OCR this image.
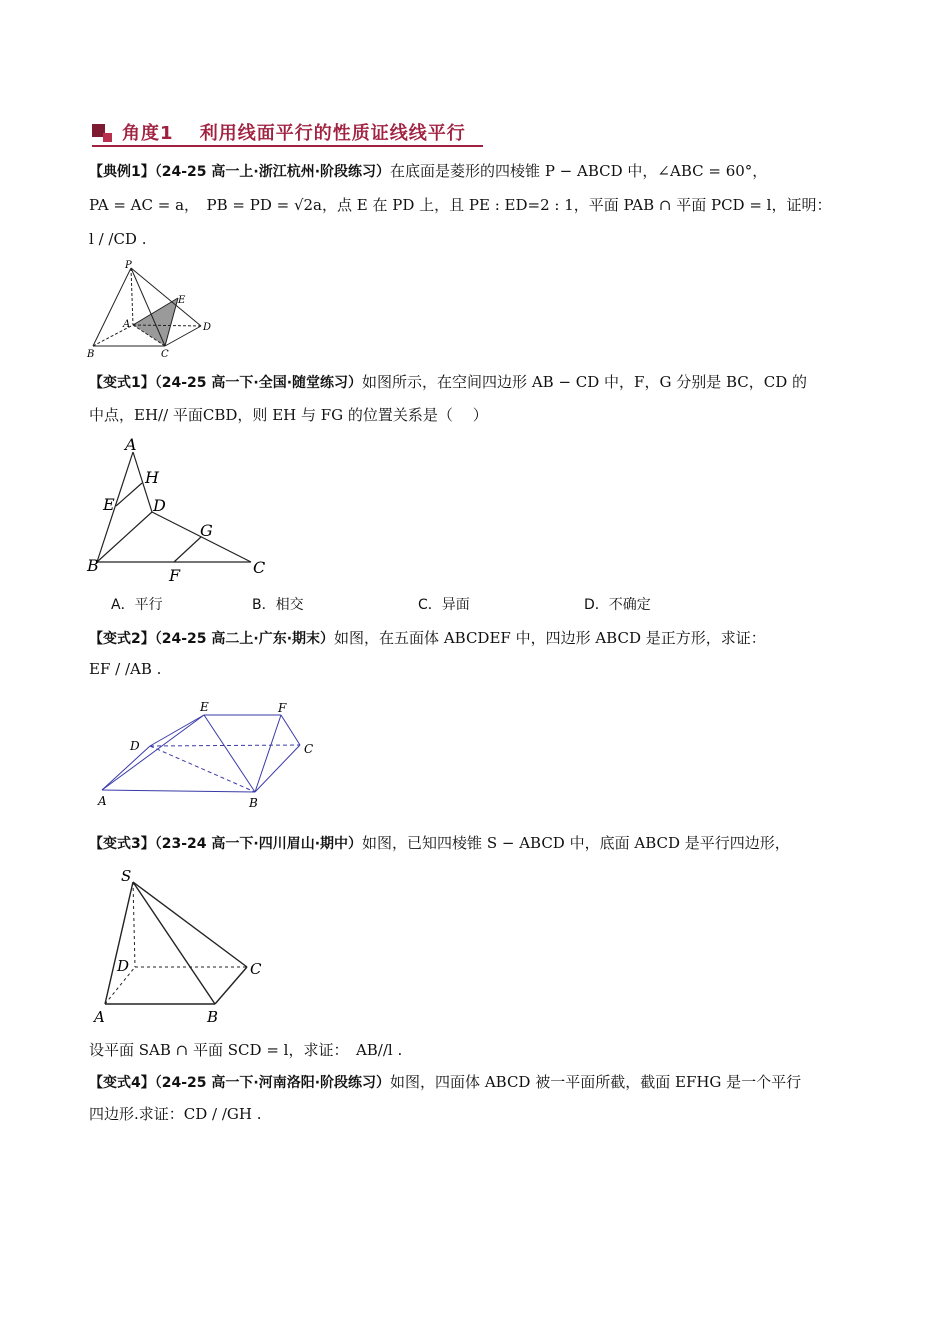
角度1　 利用线面平行的性质证线线平行
【典例1】（24-25 高一上·浙江杭州·阶段练习）在底面是菱形的四棱锥 P − ABCD 中，∠ABC = 60°，
PA = AC = a，　PB = PD = √2a，点 E 在 PD 上，且 PE : ED=2 : 1，平面 PAB ∩ 平面 PCD = l，证明：
l / /CD .
P
E
A	D
B	C
【变式1】（24-25 高一下·全国·随堂练习）如图所示，在空间四边形 AB − CD 中，F，G 分别是 BC，CD 的
中点，EH// 平面CBD，则 EH 与 FG 的位置关系是（　 ）
A
H
E D
G
B
F	C
A．平行	B．相交	C．异面	D．不确定
【变式2】（24-25 高二上·广东·期末）如图，在五面体 ABCDEF 中，四边形 ABCD 是正方形，求证：
EF / /AB .
E	F
D	C
A	B
【变式3】（23-24 高一下·四川眉山·期中）如图，已知四棱锥 S − ABCD 中，底面 ABCD 是平行四边形，
S
D	C
A	B
设平面 SAB ∩ 平面 SCD = l，求证：　AB//l .
【变式4】（24-25 高一下·河南洛阳·阶段练习）如图，四面体 ABCD 被一平面所截，截面 EFHG 是一个平行
四边形.求证：CD / /GH .
